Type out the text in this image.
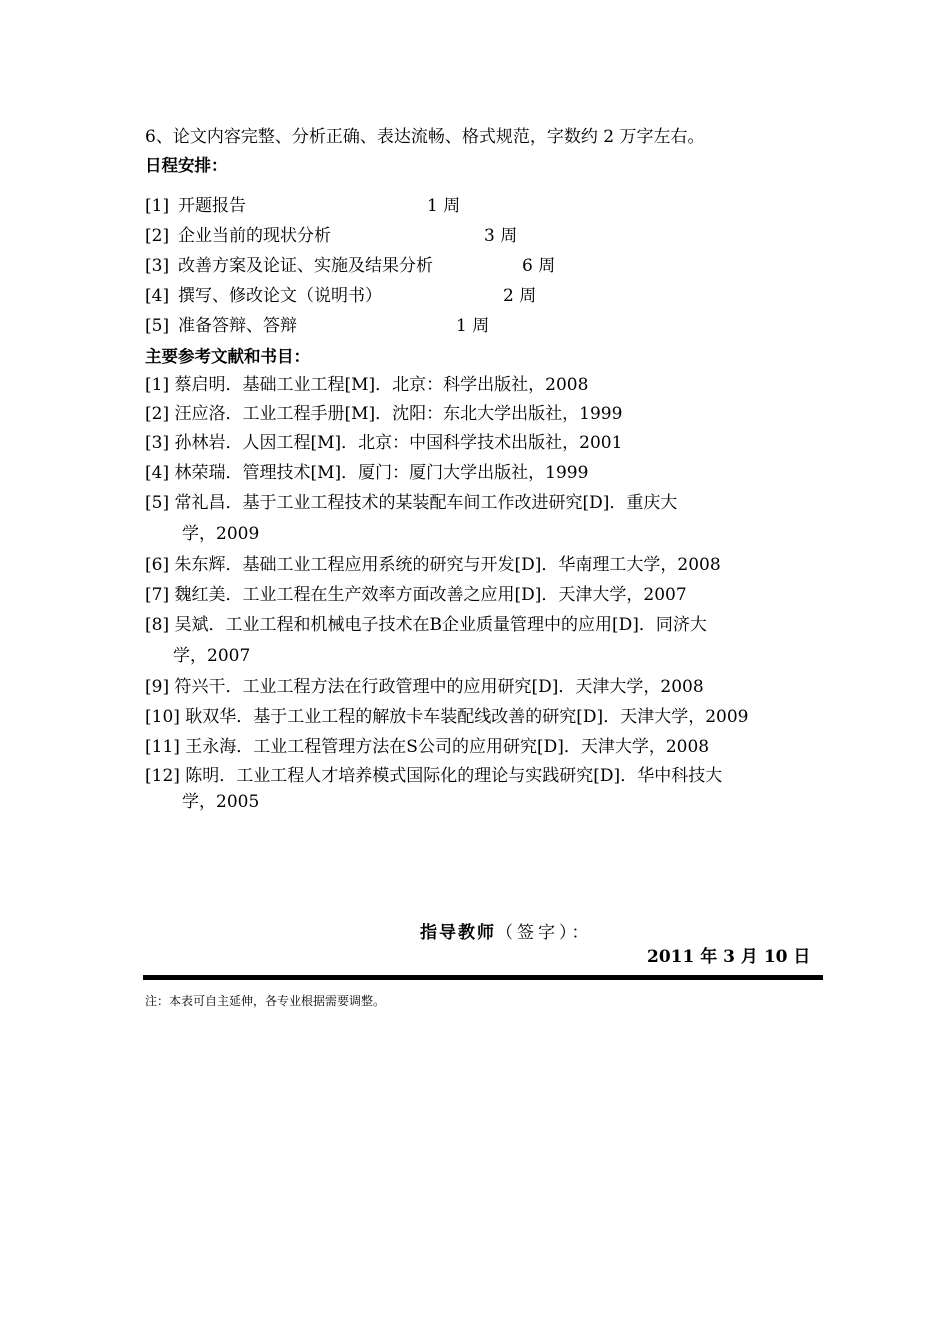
6、论文内容完整、分析正确、表达流畅、格式规范，字数约 2 万字左右。
日程安排：
[1] 开题报告	1 周
[2] 企业当前的现状分析	3 周
[3] 改善方案及论证、实施及结果分析	6 周
[4] 撰写、修改论文（说明书）	2 周
[5] 准备答辩、答辩	1 周
主要参考文献和书目：
[1] 蔡启明．基础工业工程[M]．北京：科学出版社，2008
[2] 汪应洛．工业工程手册[M]．沈阳：东北大学出版社，1999
[3] 孙林岩．人因工程[M]．北京：中国科学技术出版社，2001
[4] 林荣瑞．管理技术[M]．厦门：厦门大学出版社，1999
[5] 常礼昌．基于工业工程技术的某装配车间工作改进研究[D]．重庆大
学，2009
[6] 朱东辉．基础工业工程应用系统的研究与开发[D]．华南理工大学，2008
[7] 魏红美．工业工程在生产效率方面改善之应用[D]．天津大学，2007
[8] 吴斌．工业工程和机械电子技术在B企业质量管理中的应用[D]．同济大
学，2007
[9] 符兴干．工业工程方法在行政管理中的应用研究[D]．天津大学，2008
[10] 耿双华．基于工业工程的解放卡车装配线改善的研究[D]．天津大学，2009
[11] 王永海．工业工程管理方法在S公司的应用研究[D]．天津大学，2008
[12] 陈明．工业工程人才培养模式国际化的理论与实践研究[D]．华中科技大
学，2005
指导教师（签字）：
2011 年 3 月 10 日
注：本表可自主延伸，各专业根据需要调整。
